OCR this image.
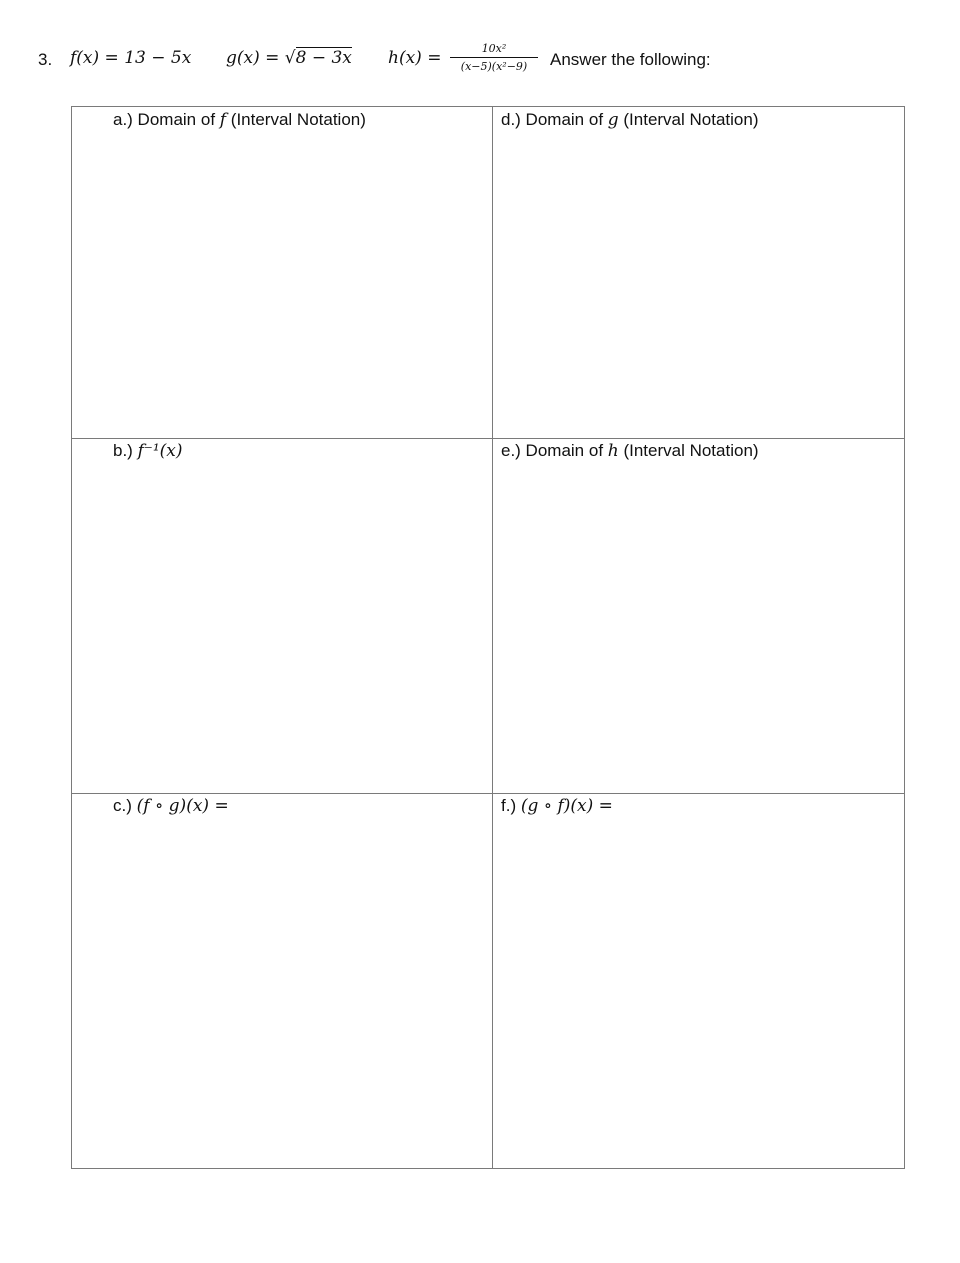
3. f(x) = 13 − 5x g(x) = √8 − 3x $h(x) = \frac{\text{10x²}}{\text{(x−5)(x²−9)}}$ Answer the following:
a.) Domain of f (Interval Notation)	d.) Domain of g (Interval Notation)
b.) f⁻¹(x)	e.) Domain of h (Interval Notation)
c.) (f ∘ g)(x) =	f.) (g ∘ f)(x) =
